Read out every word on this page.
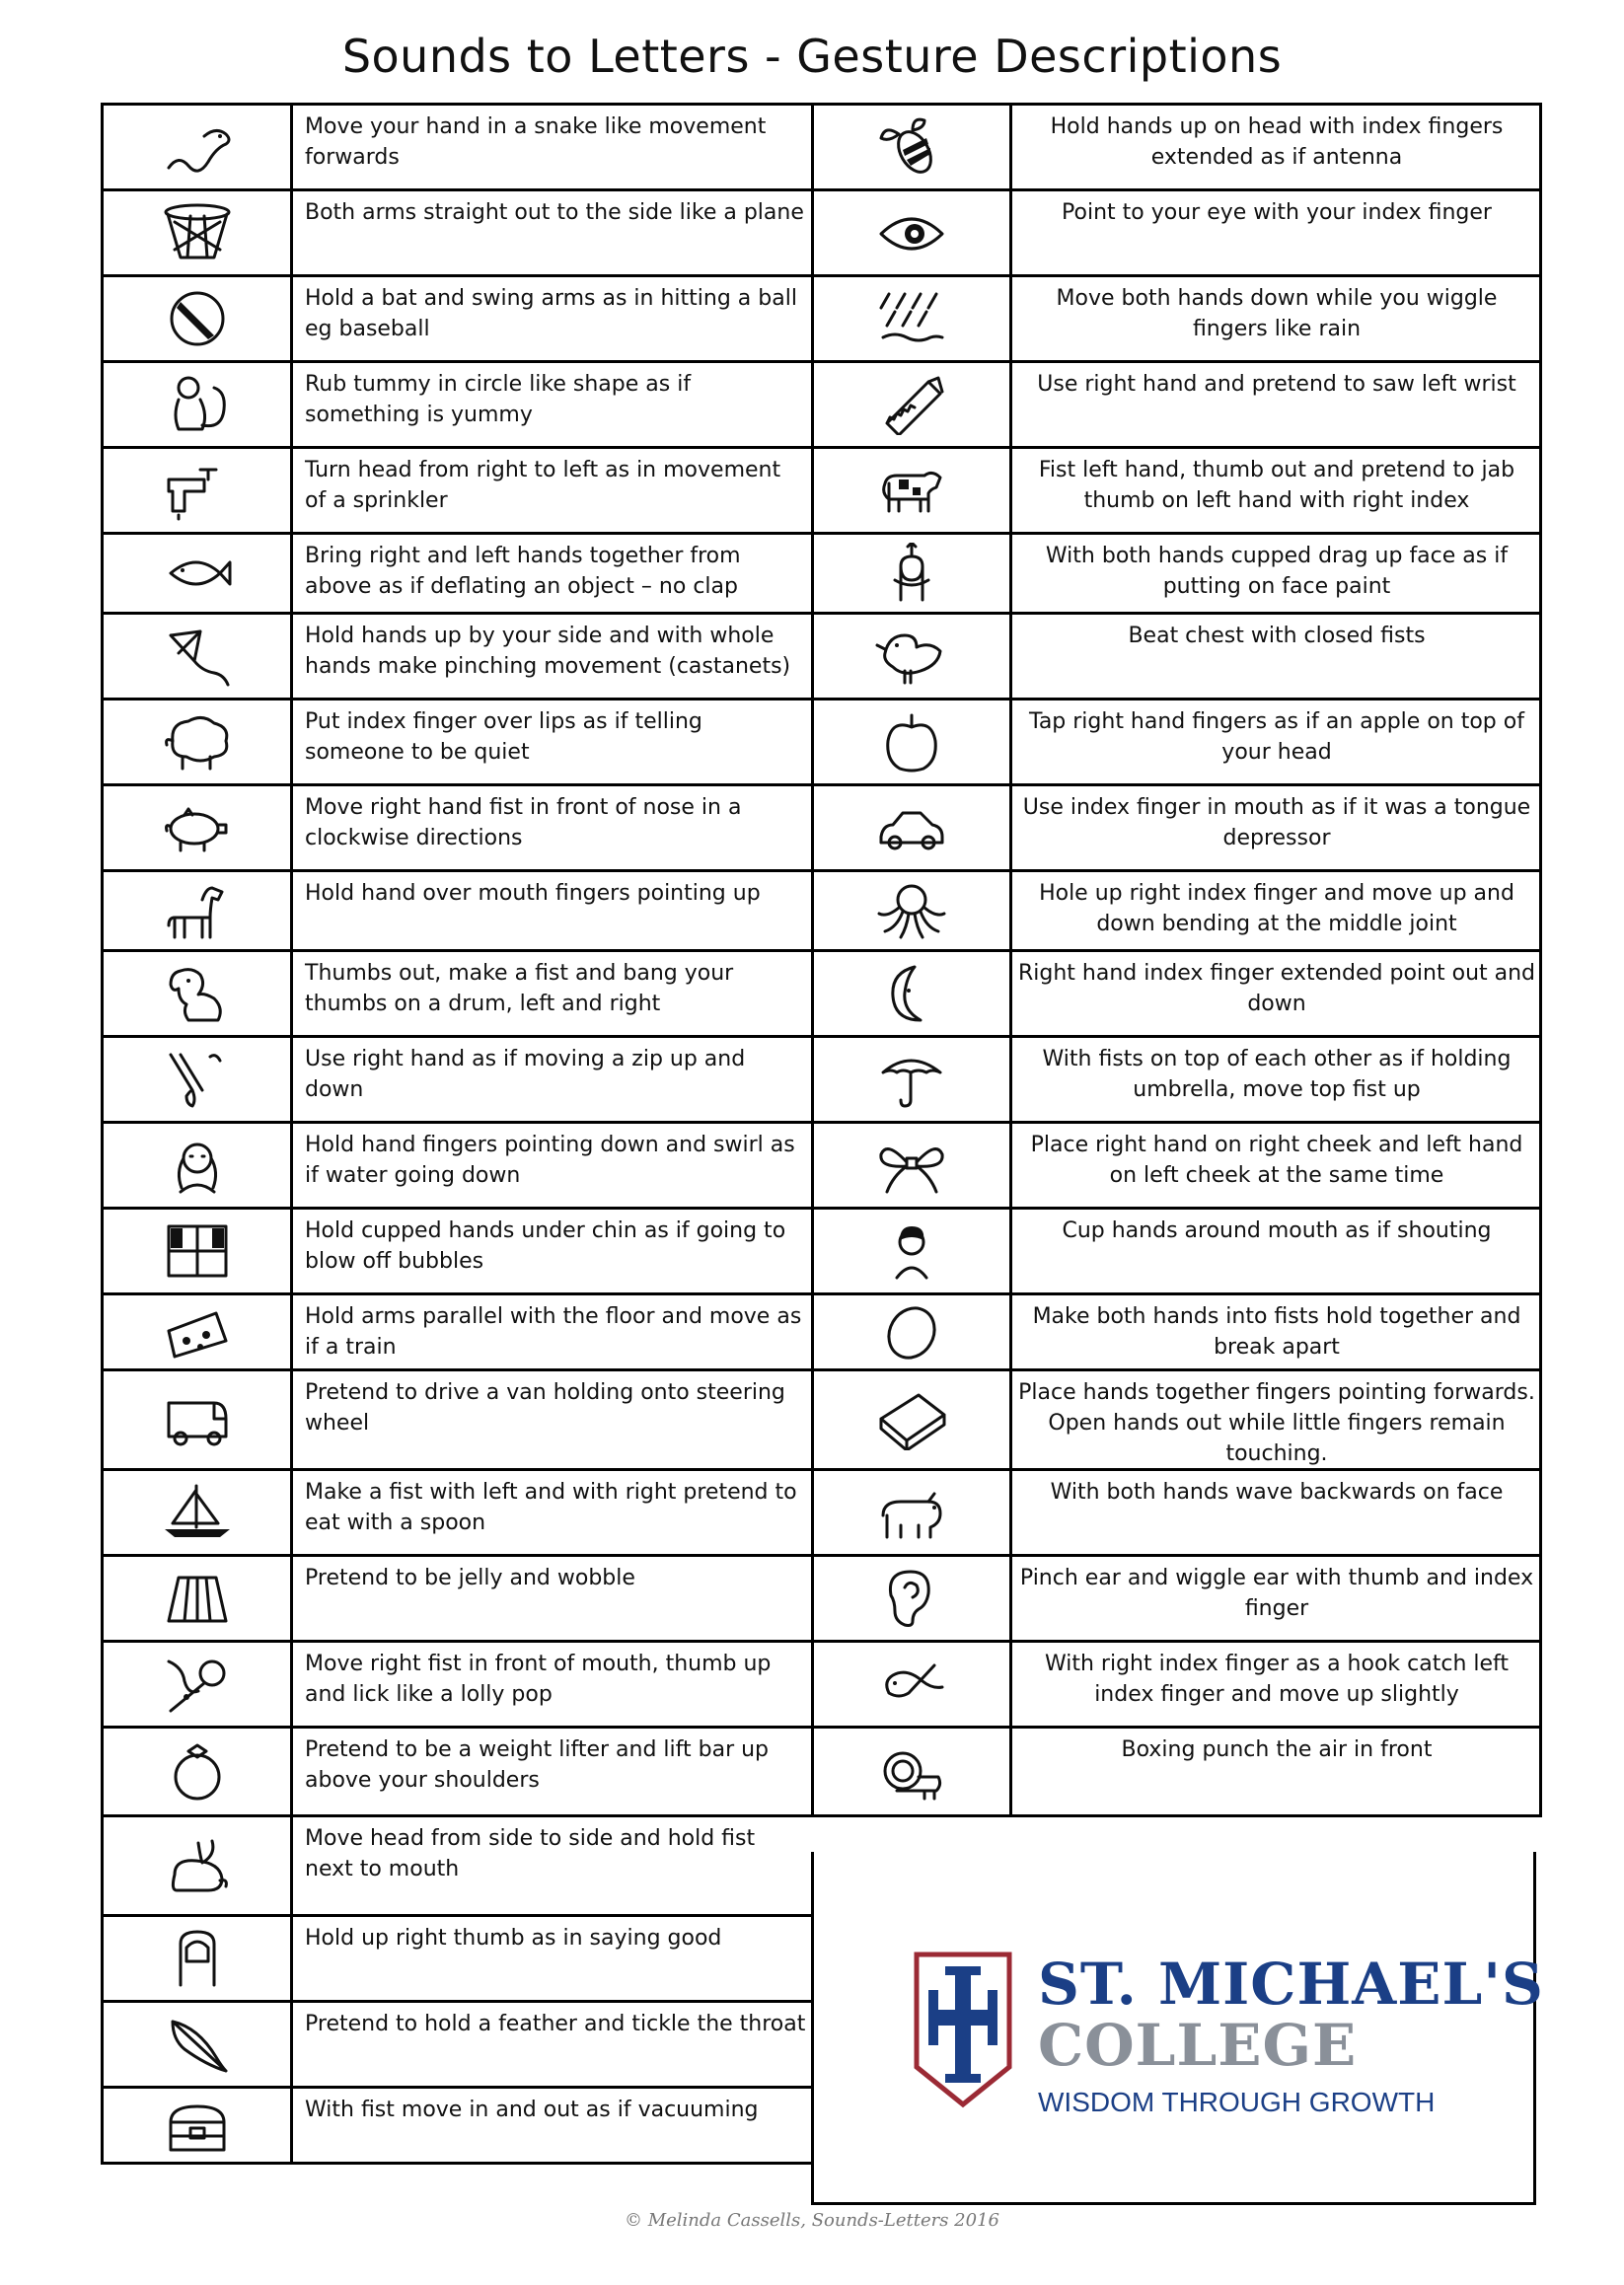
Sounds to Letters - Gesture Descriptions
Move your hand in a snake like movement forwards
Both arms straight out to the side like a plane
Hold a bat and swing arms as in hitting a ball eg baseball
Rub tummy in circle like shape as if something is yummy
Turn head from right to left as in movement of a sprinkler
Bring right and left hands together from above as if deflating an object – no clap
Hold hands up by your side and with whole hands make pinching movement (castanets)
Put index finger over lips as if telling someone to be quiet
Move right hand fist in front of nose in a clockwise directions
Hold hand over mouth fingers pointing up
Thumbs out, make a fist and bang your thumbs on a drum, left and right
Use right hand as if moving a zip up and down
Hold hand fingers pointing down and swirl as if water going down
Hold cupped hands under chin as if going to blow off bubbles
Hold arms parallel with the floor and move as if a train
Pretend to drive a van holding onto steering wheel
Make a fist with left and with right pretend to eat with a spoon
Pretend to be jelly and wobble
Move right fist in front of mouth, thumb up and lick like a lolly pop
Pretend to be a weight lifter and lift bar up above your shoulders
Move head from side to side and hold fist next to mouth
Hold up right thumb as in saying good
Pretend to hold a feather and tickle the throat
With fist move in and out as if vacuuming
Hold hands up on head with index fingers extended as if antenna
Point to your eye with your index finger
Move both hands down while you wiggle fingers like rain
Use right hand and pretend to saw left wrist
Fist left hand, thumb out and pretend to jab thumb on left hand with right index
With both hands cupped drag up face as if putting on face paint
Beat chest with closed fists
Tap right hand fingers as if an apple on top of your head
Use index finger in mouth as if it was a tongue depressor
Hole up right index finger and move up and down bending at the middle joint
Right hand index finger extended point out and down
With fists on top of each other as if holding umbrella, move top fist up
Place right hand on right cheek and left hand on left cheek at the same time
Cup hands around mouth as if shouting
Make both hands into fists hold together and break apart
Place hands together fingers pointing forwards. Open hands out while little fingers remain touching.
With both hands wave backwards on face
Pinch ear and wiggle ear with thumb and index finger
With right index finger as a hook catch left index finger and move up slightly
Boxing punch the air in front
ST. MICHAEL'S
COLLEGE
WISDOM THROUGH GROWTH
© Melinda Cassells, Sounds-Letters 2016
